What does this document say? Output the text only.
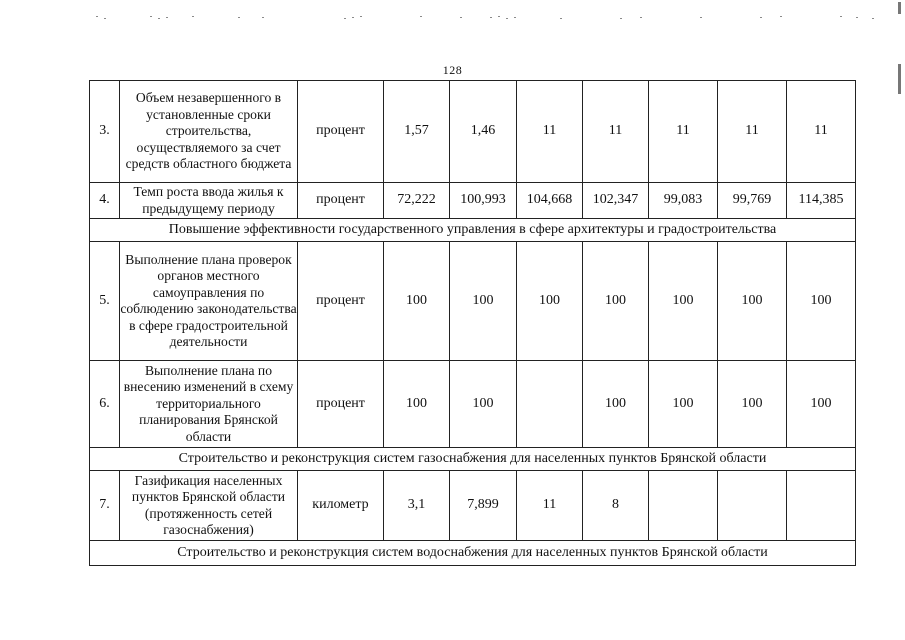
128
3.	Объем незавершенного в установленные сроки строительства, осуществляемого за счет средств областного бюджета	процент	1,57	1,46	11	11	11	11	11
4.	Темп роста ввода жилья к предыдущему периоду	процент	72,222	100,993	104,668	102,347	99,083	99,769	114,385
Повышение эффективности государственного управления в сфере архитектуры и градостроительства									
5.	Выполнение плана проверок органов местного самоуправления по соблюдению законодательства в сфере градостроительной деятельности	процент	100	100	100	100	100	100	100
6.	Выполнение плана по внесению изменений в схему территориального планирования Брянской области	процент	100	100		100	100	100	100
Строительство и реконструкция систем газоснабжения для населенных пунктов Брянской области									
7.	Газификация населенных пунктов Брянской области (протяженность сетей газоснабжения)	километр	3,1	7,899	11	8			
Строительство и реконструкция систем водоснабжения для населенных пунктов Брянской области									
